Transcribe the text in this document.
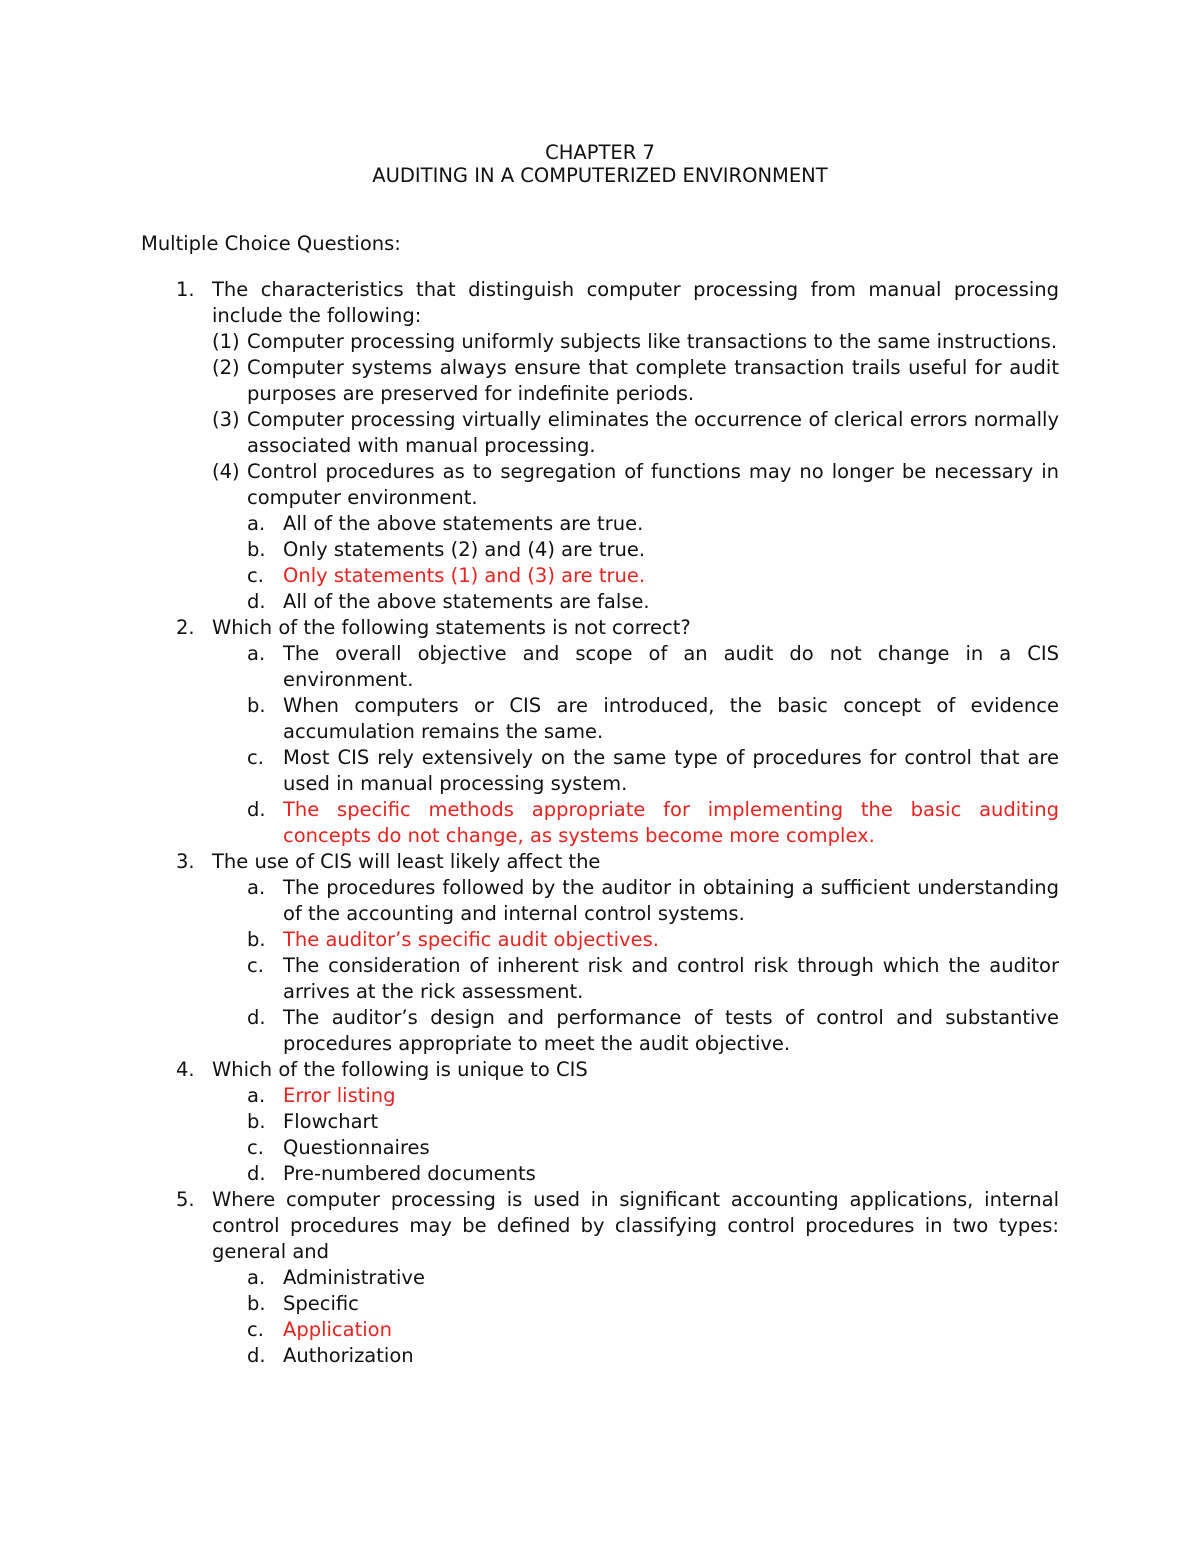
CHAPTER 7
AUDITING IN A COMPUTERIZED ENVIRONMENT
Multiple Choice Questions:
1. The characteristics that distinguish computer processing from manual processing include the following:
(1) Computer processing uniformly subjects like transactions to the same instructions.
(2) Computer systems always ensure that complete transaction trails useful for audit purposes are preserved for indefinite periods.
(3) Computer processing virtually eliminates the occurrence of clerical errors normally associated with manual processing.
(4) Control procedures as to segregation of functions may no longer be necessary in computer environment.
a. All of the above statements are true.
b. Only statements (2) and (4) are true.
c. Only statements (1) and (3) are true.
d. All of the above statements are false.
2. Which of the following statements is not correct?
a. The overall objective and scope of an audit do not change in a CIS environment.
b. When computers or CIS are introduced, the basic concept of evidence accumulation remains the same.
c. Most CIS rely extensively on the same type of procedures for control that are used in manual processing system.
d. The specific methods appropriate for implementing the basic auditing concepts do not change, as systems become more complex.
3. The use of CIS will least likely affect the
a. The procedures followed by the auditor in obtaining a sufficient understanding of the accounting and internal control systems.
b. The auditor’s specific audit objectives.
c. The consideration of inherent risk and control risk through which the auditor arrives at the rick assessment.
d. The auditor’s design and performance of tests of control and substantive procedures appropriate to meet the audit objective.
4. Which of the following is unique to CIS
a. Error listing
b. Flowchart
c. Questionnaires
d. Pre-numbered documents
5. Where computer processing is used in significant accounting applications, internal control procedures may be defined by classifying control procedures in two types: general and
a. Administrative
b. Specific
c. Application
d. Authorization
